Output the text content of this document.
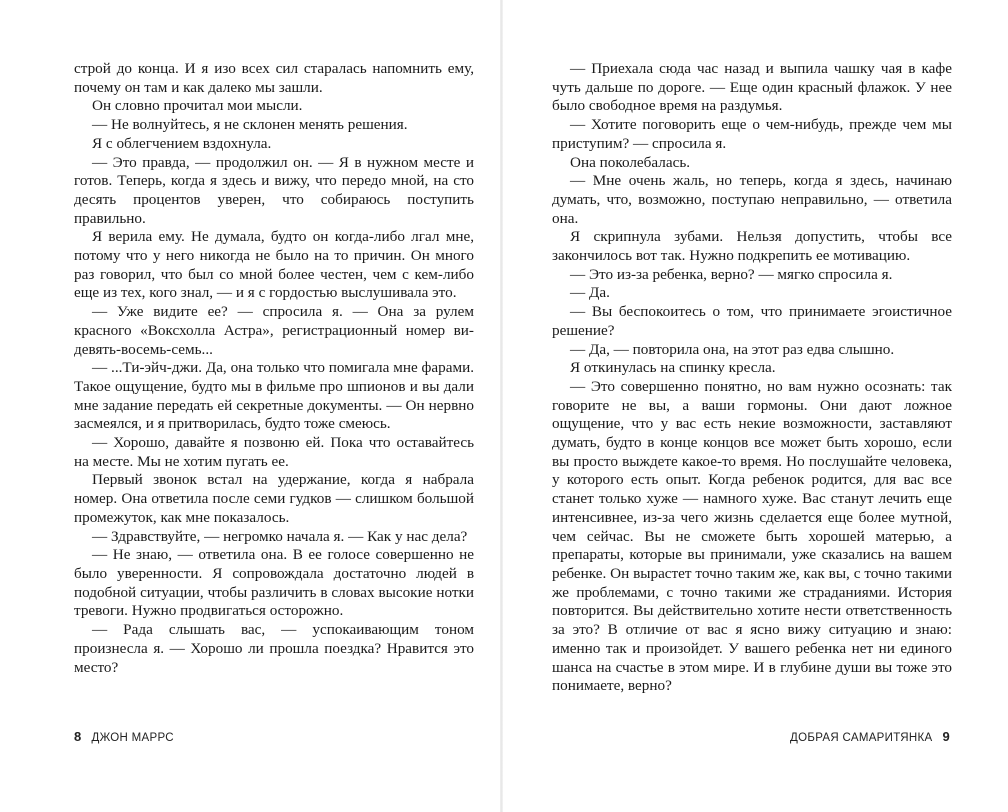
строй до конца. И я изо всех сил старалась напомнить ему, почему он там и как далеко мы зашли.

Он словно прочитал мои мысли.

— Не волнуйтесь, я не склонен менять решения.

Я с облегчением вздохнула.

— Это правда, — продолжил он. — Я в нужном месте и готов. Теперь, когда я здесь и вижу, что передо мной, на сто десять процентов уверен, что собираюсь поступить правильно.

Я верила ему. Не думала, будто он когда-либо лгал мне, потому что у него никогда не было на то причин. Он много раз говорил, что был со мной более честен, чем с кем-либо еще из тех, кого знал, — и я с гордостью выслушивала это.

— Уже видите ее? — спросила я. — Она за рулем красного «Воксхолла Астра», регистрационный номер ви-девять-восемь-семь...

— ...Ти-эйч-джи. Да, она только что помигала мне фарами. Такое ощущение, будто мы в фильме про шпионов и вы дали мне задание передать ей секретные документы. — Он нервно засмеялся, и я притворилась, будто тоже смеюсь.

— Хорошо, давайте я позвоню ей. Пока что оставайтесь на месте. Мы не хотим пугать ее.

Первый звонок встал на удержание, когда я набрала номер. Она ответила после семи гудков — слишком большой промежуток, как мне показалось.

— Здравствуйте, — негромко начала я. — Как у нас дела?

— Не знаю, — ответила она. В ее голосе совершенно не было уверенности. Я сопровождала достаточно людей в подобной ситуации, чтобы различить в словах высокие нотки тревоги. Нужно продвигаться осторожно.

— Рада слышать вас, — успокаивающим тоном произнесла я. — Хорошо ли прошла поездка? Нравится это место?

8 ДЖОН МАРРС

— Приехала сюда час назад и выпила чашку чая в кафе чуть дальше по дороге. — Еще один красный флажок. У нее было свободное время на раздумья.

— Хотите поговорить еще о чем-нибудь, прежде чем мы приступим? — спросила я.

Она поколебалась.

— Мне очень жаль, но теперь, когда я здесь, начинаю думать, что, возможно, поступаю неправильно, — ответила она.

Я скрипнула зубами. Нельзя допустить, чтобы все закончилось вот так. Нужно подкрепить ее мотивацию.

— Это из-за ребенка, верно? — мягко спросила я.

— Да.

— Вы беспокоитесь о том, что принимаете эгоистичное решение?

— Да, — повторила она, на этот раз едва слышно.

Я откинулась на спинку кресла.

— Это совершенно понятно, но вам нужно осознать: так говорите не вы, а ваши гормоны. Они дают ложное ощущение, что у вас есть некие возможности, заставляют думать, будто в конце концов все может быть хорошо, если вы просто выждете какое-то время. Но послушайте человека, у которого есть опыт. Когда ребенок родится, для вас все станет только хуже — намного хуже. Вас станут лечить еще интенсивнее, из-за чего жизнь сделается еще более мутной, чем сейчас. Вы не сможете быть хорошей матерью, а препараты, которые вы принимали, уже сказались на вашем ребенке. Он вырастет точно таким же, как вы, с точно такими же проблемами, с точно такими же страданиями. История повторится. Вы действительно хотите нести ответственность за это? В отличие от вас я ясно вижу ситуацию и знаю: именно так и произойдет. У вашего ребенка нет ни единого шанса на счастье в этом мире. И в глубине души вы тоже это понимаете, верно?

ДОБРАЯ САМАРИТЯНКА 9
